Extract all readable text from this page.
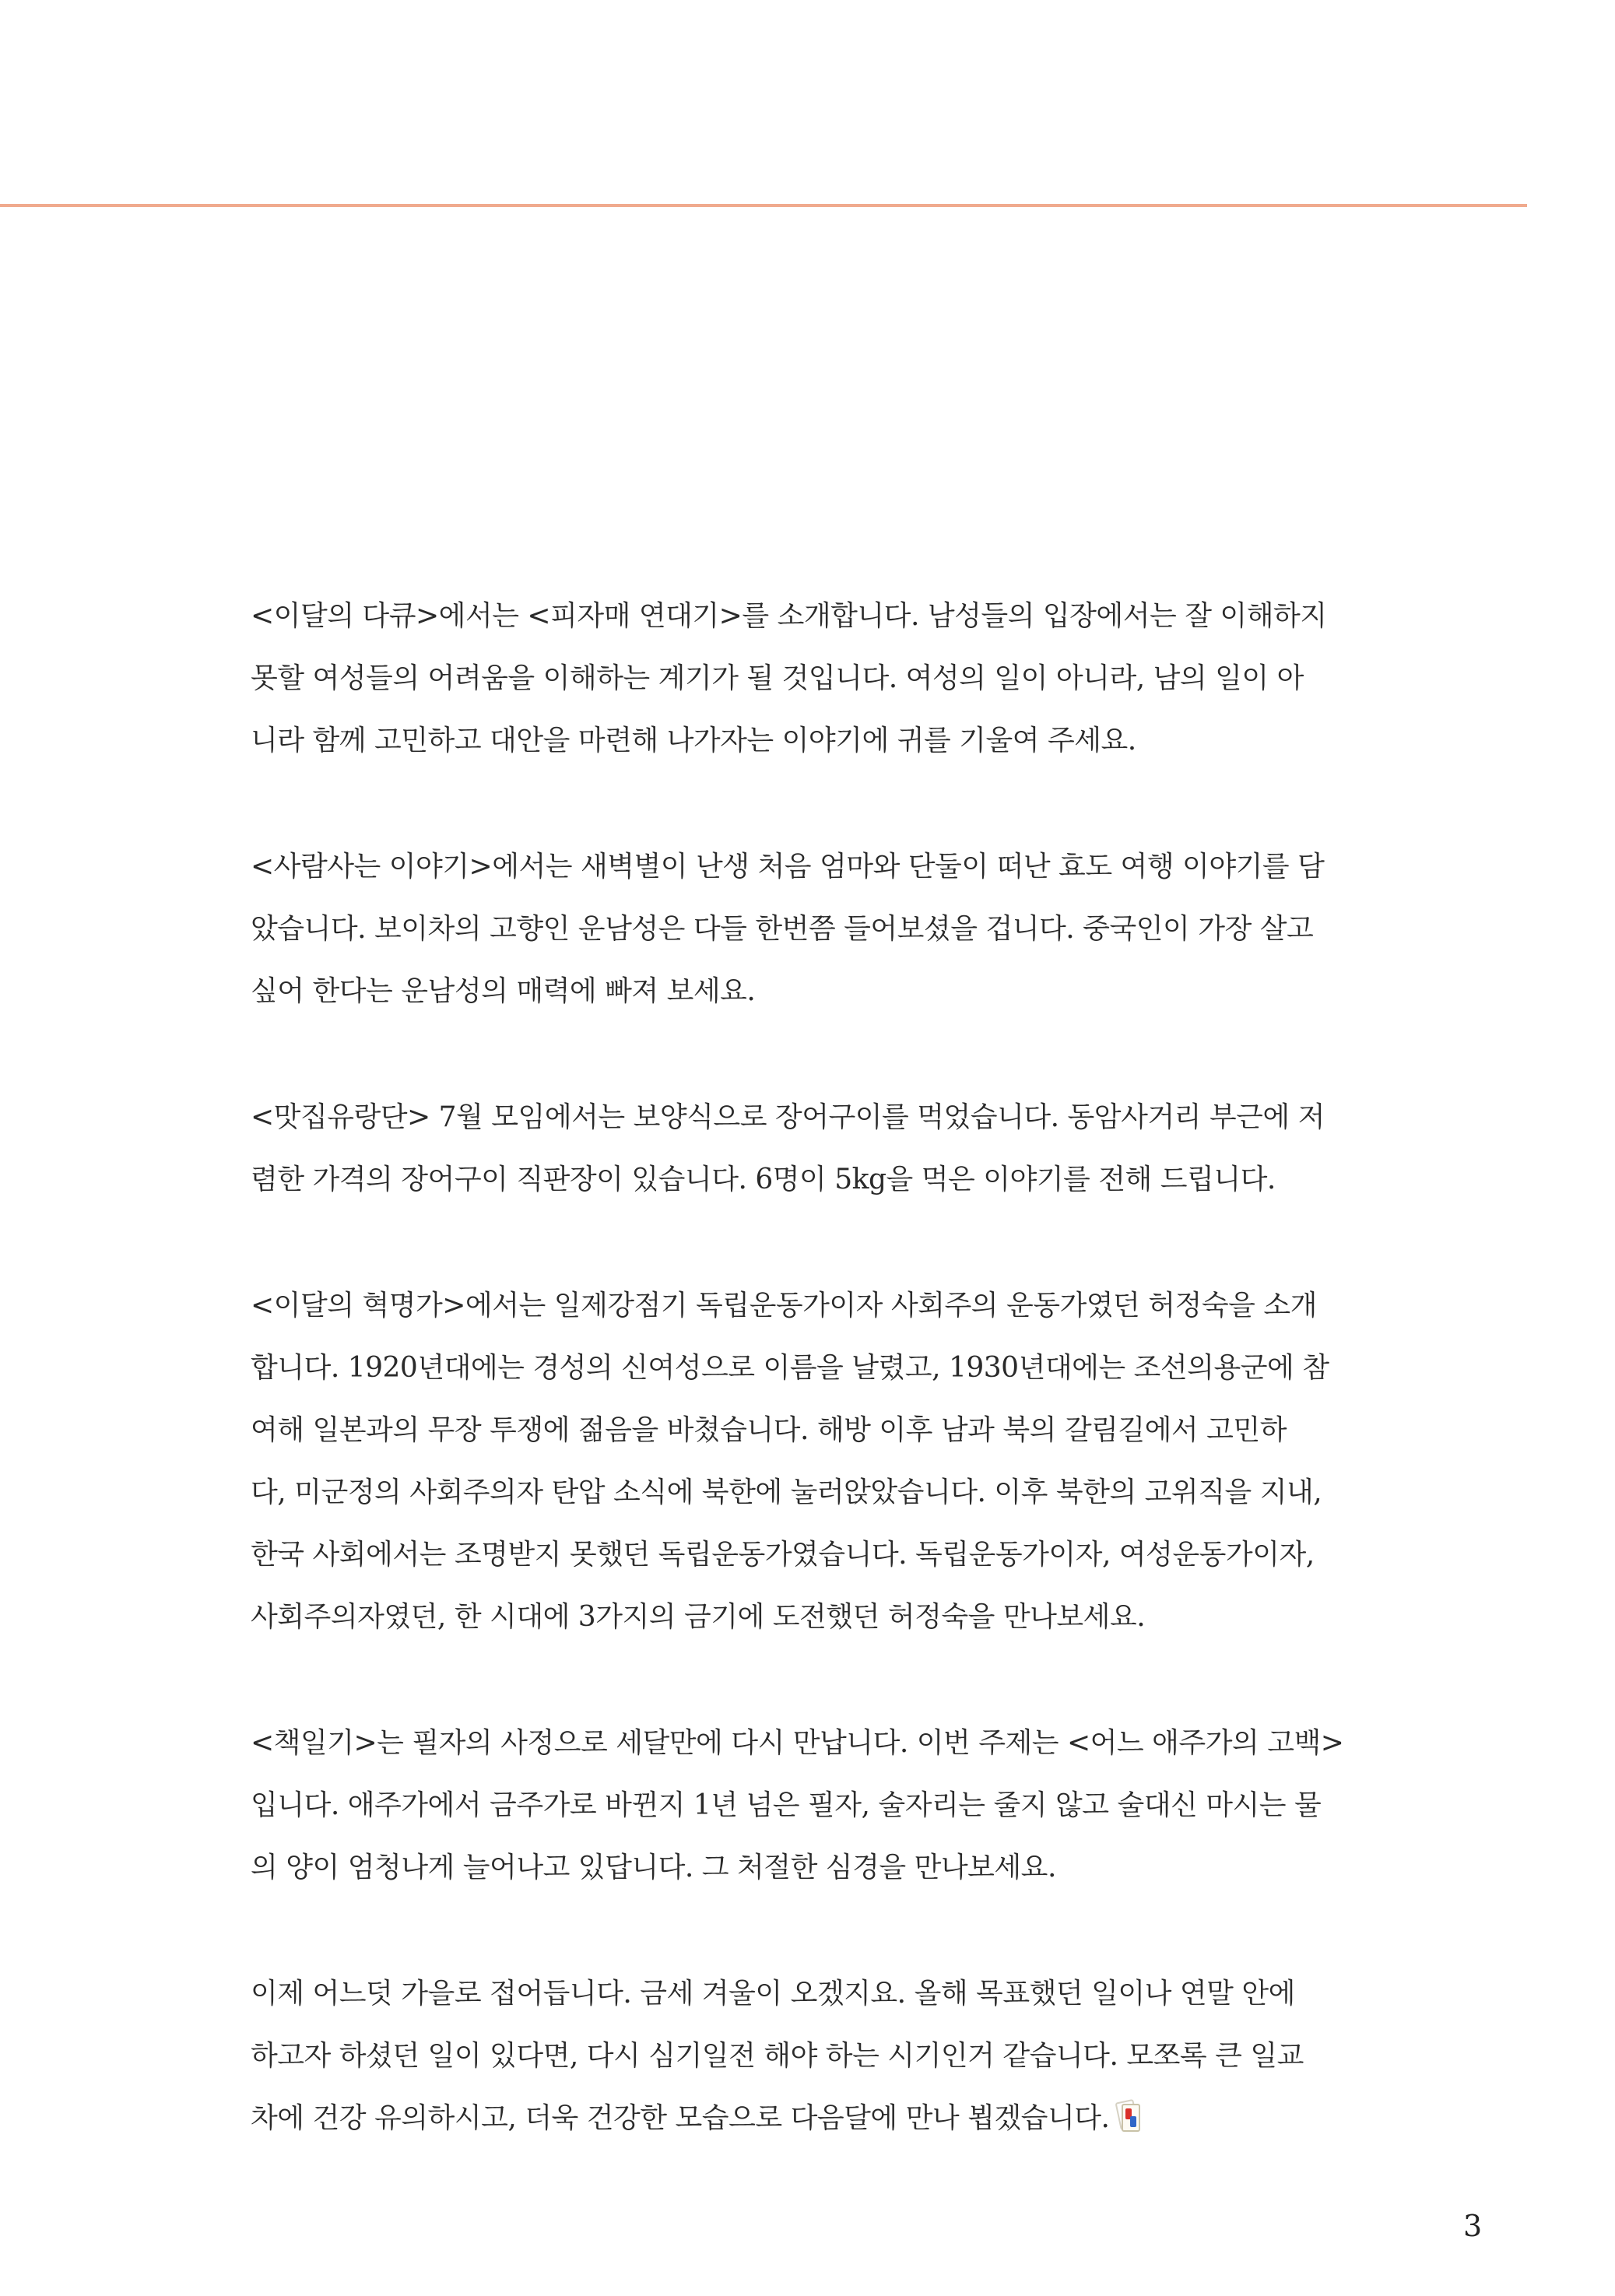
<이달의 다큐>에서는 <피자매 연대기>를 소개합니다. 남성들의 입장에서는 잘 이해하지
못할 여성들의 어려움을 이해하는 계기가 될 것입니다. 여성의 일이 아니라, 남의 일이 아
니라 함께 고민하고 대안을 마련해 나가자는 이야기에 귀를 기울여 주세요.
<사람사는 이야기>에서는 새벽별이 난생 처음 엄마와 단둘이 떠난 효도 여행 이야기를 담
았습니다. 보이차의 고향인 운남성은 다들 한번쯤 들어보셨을 겁니다. 중국인이 가장 살고
싶어 한다는 운남성의 매력에 빠져 보세요.
<맛집유랑단> 7월 모임에서는 보양식으로 장어구이를 먹었습니다. 동암사거리 부근에 저
렴한 가격의 장어구이 직판장이 있습니다. 6명이 5kg을 먹은 이야기를 전해 드립니다.
<이달의 혁명가>에서는 일제강점기 독립운동가이자 사회주의 운동가였던 허정숙을 소개
합니다. 1920년대에는 경성의 신여성으로 이름을 날렸고, 1930년대에는 조선의용군에 참
여해 일본과의 무장 투쟁에 젊음을 바쳤습니다. 해방 이후 남과 북의 갈림길에서 고민하
다, 미군정의 사회주의자 탄압 소식에 북한에 눌러앉았습니다. 이후 북한의 고위직을 지내,
한국 사회에서는 조명받지 못했던 독립운동가였습니다. 독립운동가이자, 여성운동가이자,
사회주의자였던, 한 시대에 3가지의 금기에 도전했던 허정숙을 만나보세요.
<책일기>는 필자의 사정으로 세달만에 다시 만납니다. 이번 주제는 <어느 애주가의 고백>
입니다. 애주가에서 금주가로 바뀐지 1년 넘은 필자, 술자리는 줄지 않고 술대신 마시는 물
의 양이 엄청나게 늘어나고 있답니다. 그 처절한 심경을 만나보세요.
이제 어느덧 가을로 접어듭니다. 금세 겨울이 오겠지요. 올해 목표했던 일이나 연말 안에
하고자 하셨던 일이 있다면, 다시 심기일전 해야 하는 시기인거 같습니다. 모쪼록 큰 일교
차에 건강 유의하시고, 더욱 건강한 모습으로 다음달에 만나 뵙겠습니다.
3
